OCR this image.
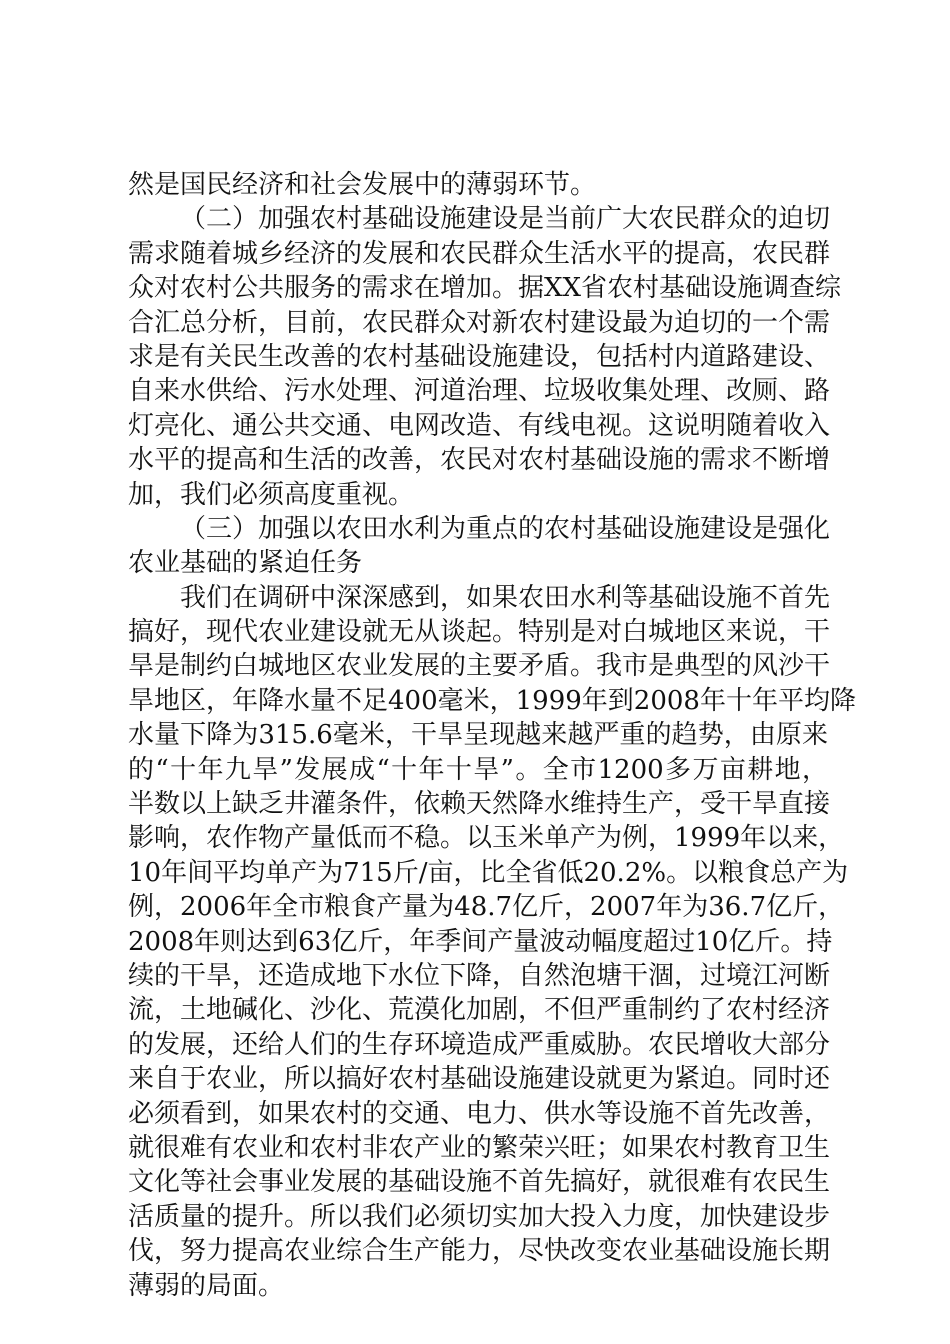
然是国民经济和社会发展中的薄弱环节。
（二）加强农村基础设施建设是当前广大农民群众的迫切
需求随着城乡经济的发展和农民群众生活水平的提高，农民群
众对农村公共服务的需求在增加。据XX省农村基础设施调查综
合汇总分析，目前，农民群众对新农村建设最为迫切的一个需
求是有关民生改善的农村基础设施建设，包括村内道路建设、
自来水供给、污水处理、河道治理、垃圾收集处理、改厕、路
灯亮化、通公共交通、电网改造、有线电视。这说明随着收入
水平的提高和生活的改善，农民对农村基础设施的需求不断增
加，我们必须高度重视。
（三）加强以农田水利为重点的农村基础设施建设是强化
农业基础的紧迫任务
我们在调研中深深感到，如果农田水利等基础设施不首先
搞好，现代农业建设就无从谈起。特别是对白城地区来说，干
旱是制约白城地区农业发展的主要矛盾。我市是典型的风沙干
旱地区，年降水量不足400毫米，1999年到2008年十年平均降
水量下降为315.6毫米，干旱呈现越来越严重的趋势，由原来
的“十年九旱”发展成“十年十旱”。全市1200多万亩耕地，
半数以上缺乏井灌条件，依赖天然降水维持生产，受干旱直接
影响，农作物产量低而不稳。以玉米单产为例，1999年以来，
10年间平均单产为715斤/亩，比全省低20.2%。以粮食总产为
例，2006年全市粮食产量为48.7亿斤，2007年为36.7亿斤，
2008年则达到63亿斤，年季间产量波动幅度超过10亿斤。持
续的干旱，还造成地下水位下降，自然泡塘干涸，过境江河断
流，土地碱化、沙化、荒漠化加剧，不但严重制约了农村经济
的发展，还给人们的生存环境造成严重威胁。农民增收大部分
来自于农业，所以搞好农村基础设施建设就更为紧迫。同时还
必须看到，如果农村的交通、电力、供水等设施不首先改善，
就很难有农业和农村非农产业的繁荣兴旺；如果农村教育卫生
文化等社会事业发展的基础设施不首先搞好，就很难有农民生
活质量的提升。所以我们必须切实加大投入力度，加快建设步
伐，努力提高农业综合生产能力，尽快改变农业基础设施长期
薄弱的局面。
